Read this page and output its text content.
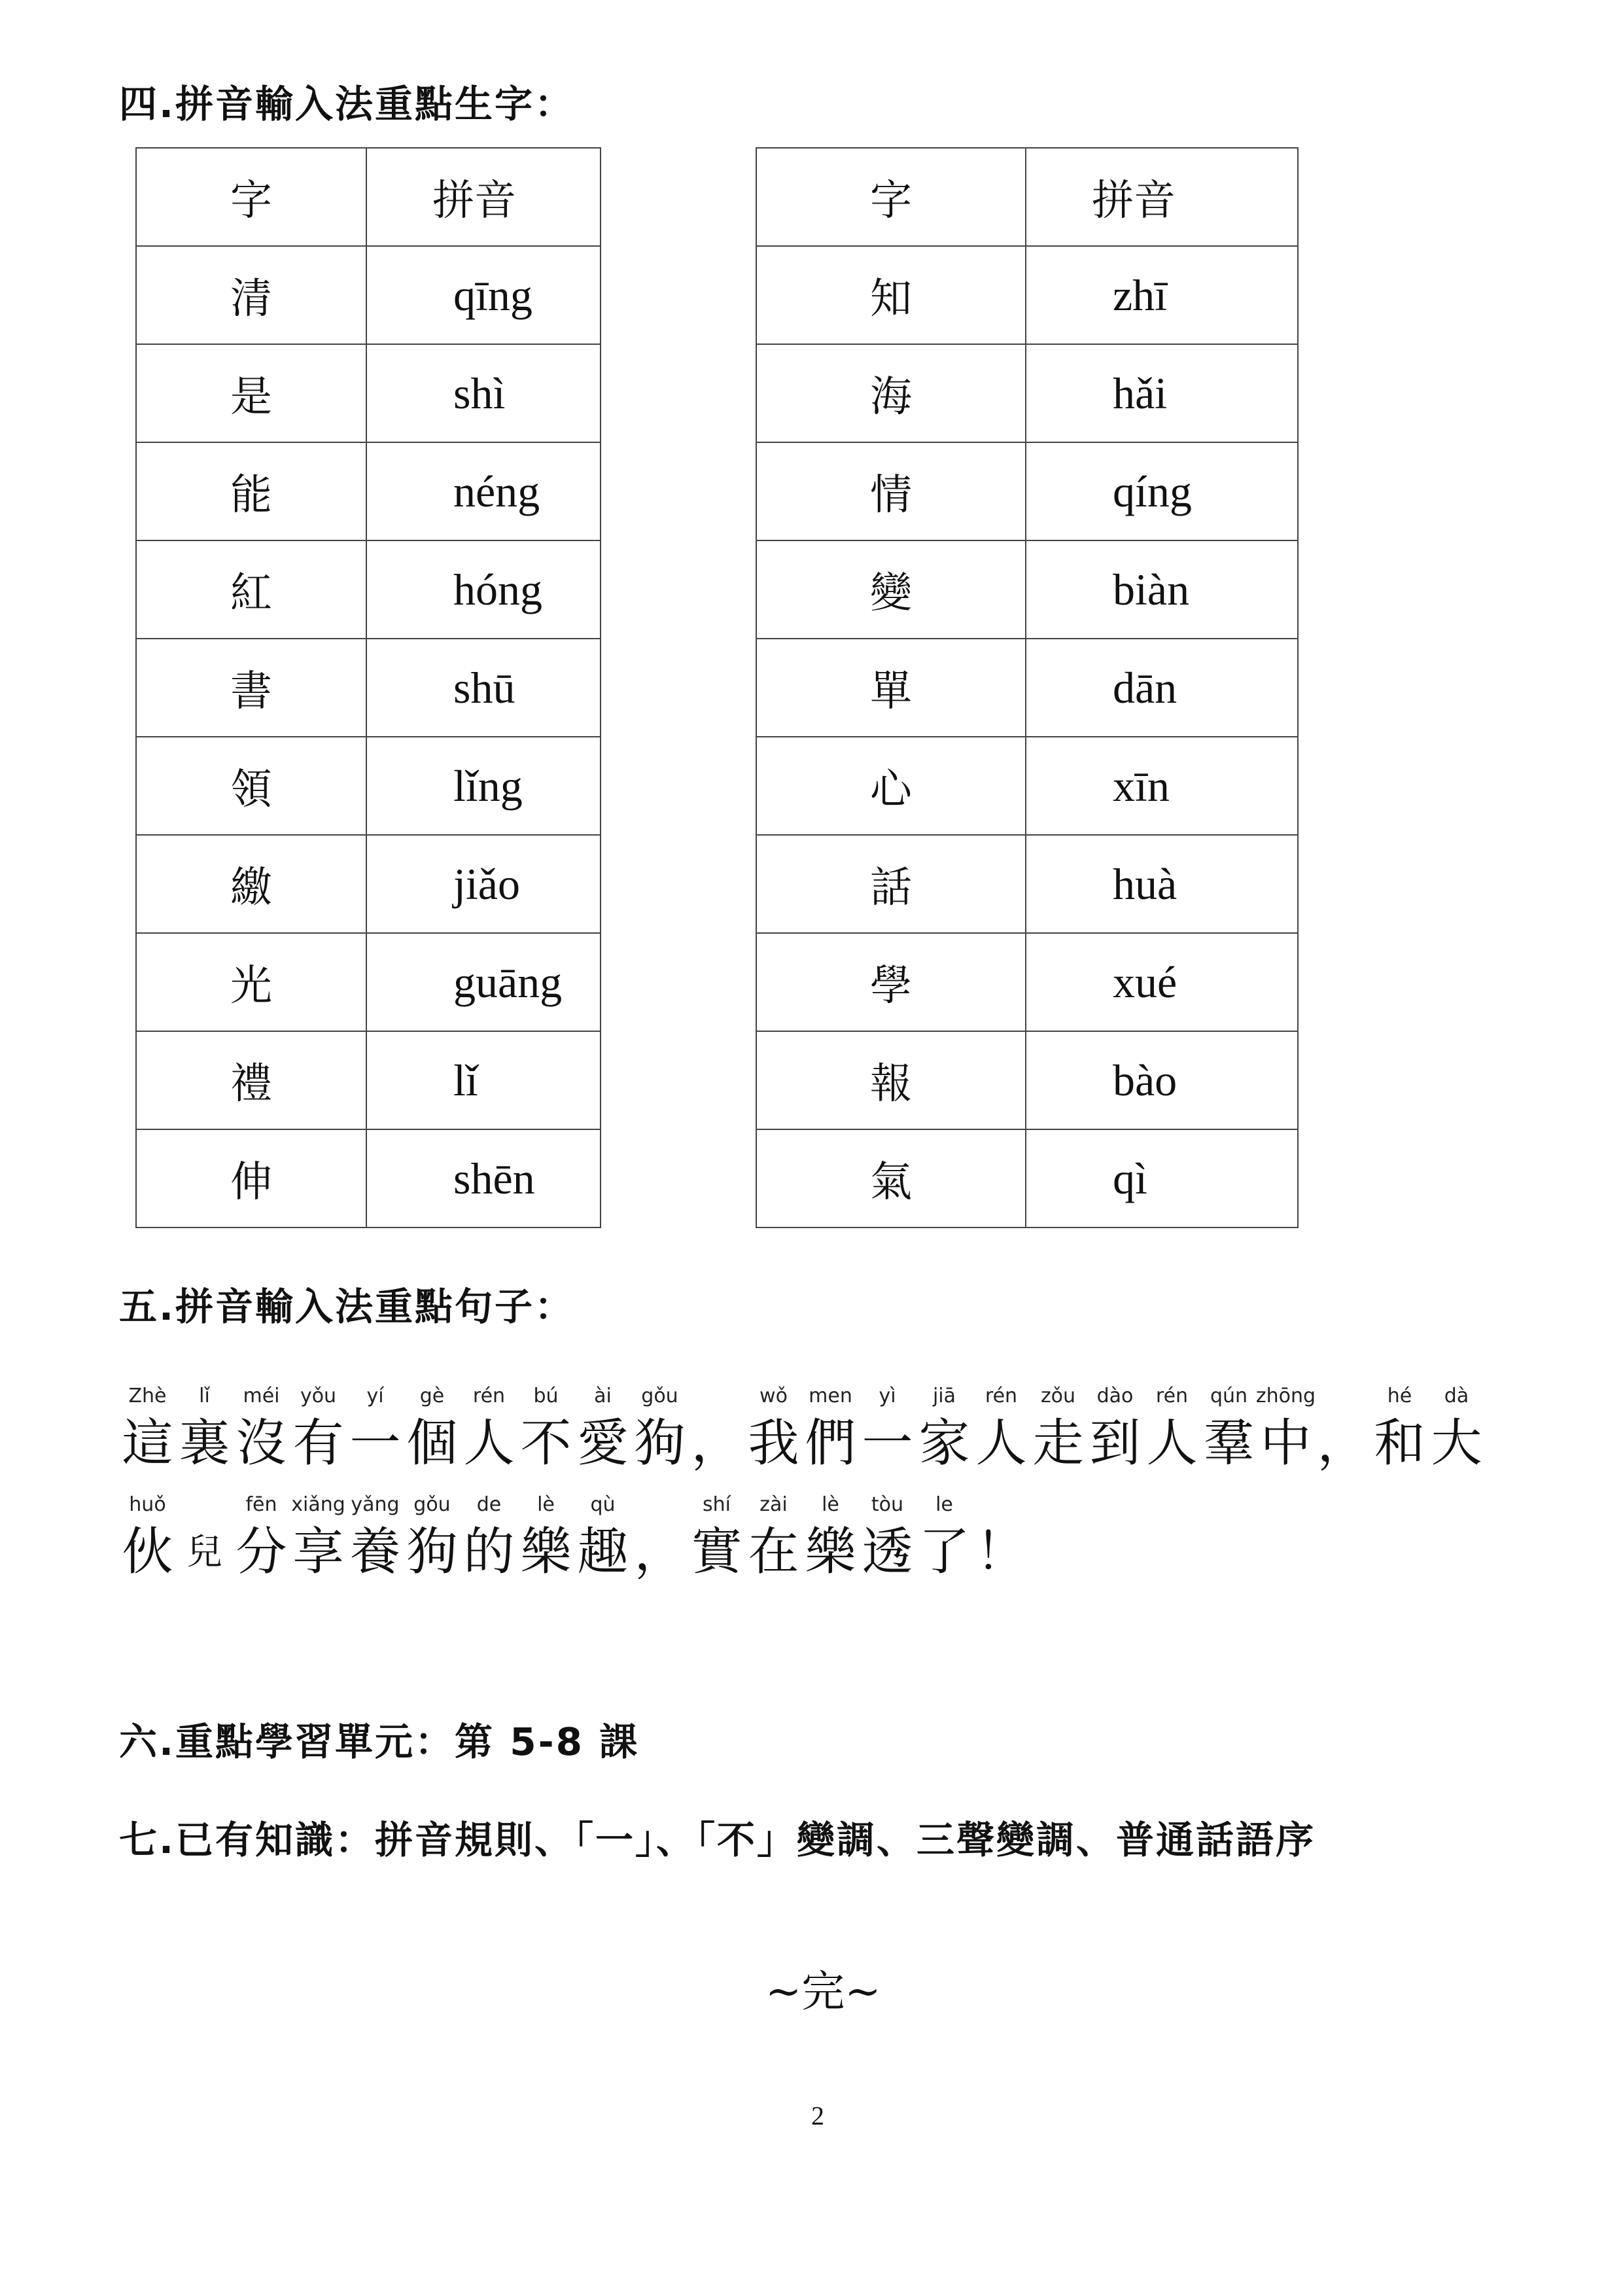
四.拼音輸入法重點生字：
字	拼音
清	qīng
是	shì
能	néng
紅	hóng
書	shū
領	lǐng
繳	jiǎo
光	guāng
禮	lǐ
伸	shēn
字	拼音
知	zhī
海	hǎi
情	qíng
變	biàn
單	dān
心	xīn
話	huà
學	xué
報	bào
氣	qì
五.拼音輸入法重點句子：
Zhè
這
lǐ
裏
méi
沒
yǒu
有
yí
一
gè
個
rén
人
bú
不
ài
愛
gǒu
狗 ，
wǒ
我
men
們
yì
一
jiā
家
rén
人
zǒu
走
dào
到
rén
人
qún
羣
zhōng
中 ，
hé
和
dà
大
huǒ
伙 兒
fēn
分
xiǎng
享
yǎng
養
gǒu
狗
de
的
lè
樂
qù
趣 ，
shí
實
zài
在
lè
樂
tòu
透
le
了 ！
六.重點學習單元：第 5-8 課
七.已有知識：拼音規則、「一」、「不」變調、三聲變調、普通話語序
~完~
2
